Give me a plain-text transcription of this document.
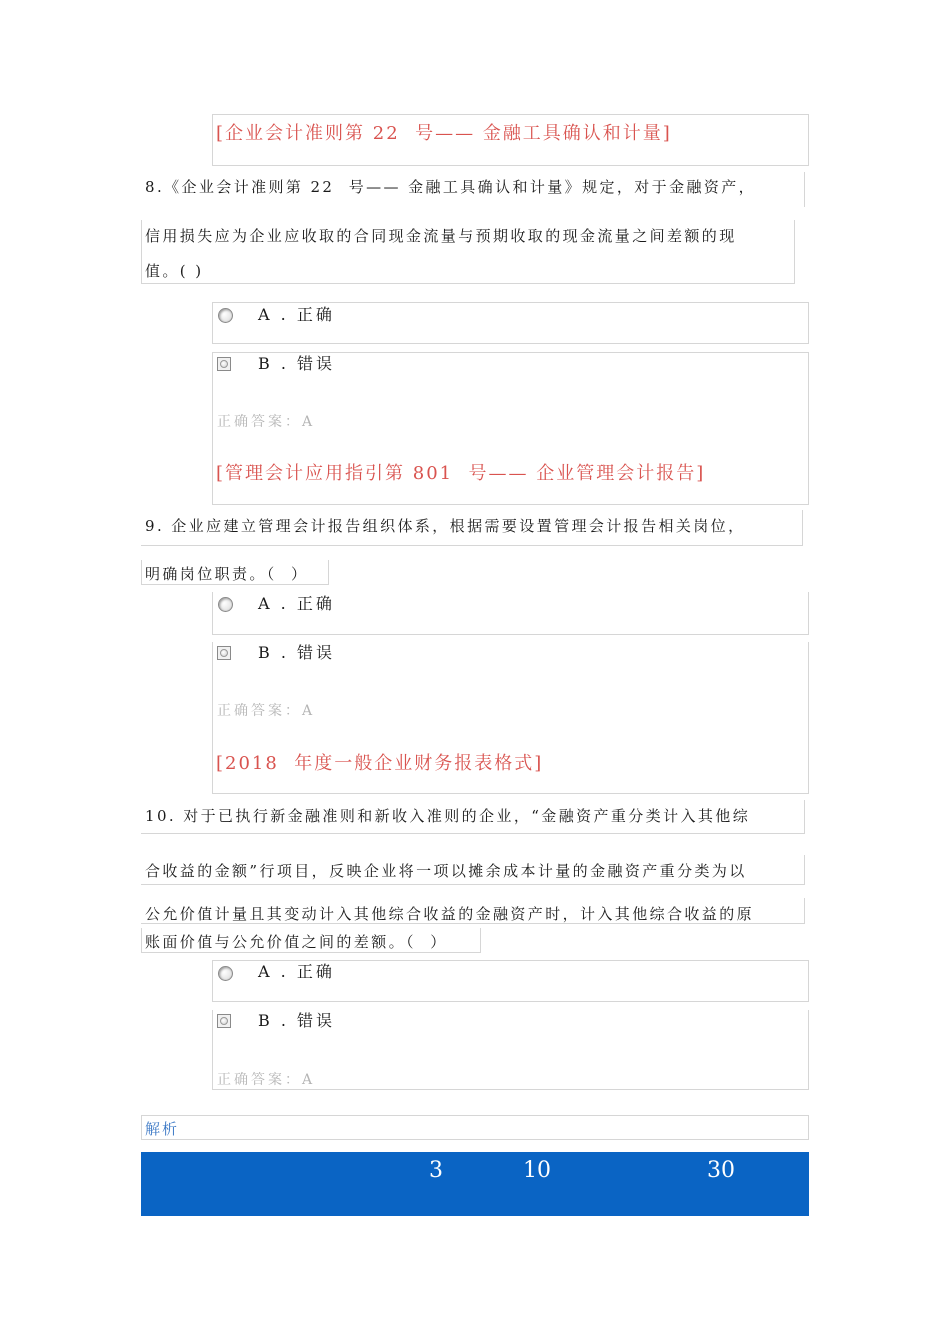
[企业会计准则第 22  号—— 金融工具确认和计量]
8.《企业会计准则第 22  号—— 金融工具确认和计量》规定，对于金融资产，
信用损失应为企业应收取的合同现金流量与预期收取的现金流量之间差额的现
值。( )
A . 正确
B . 错误
正确答案：A
[管理会计应用指引第 801  号—— 企业管理会计报告]
9. 企业应建立管理会计报告组织体系，根据需要设置管理会计报告相关岗位，
明确岗位职责。（  ）
A . 正确
B . 错误
正确答案：A
[2018  年度一般企业财务报表格式]
10. 对于已执行新金融准则和新收入准则的企业，“金融资产重分类计入其他综
合收益的金额”行项目，反映企业将一项以摊余成本计量的金融资产重分类为以
公允价值计量且其变动计入其他综合收益的金融资产时，计入其他综合收益的原
账面价值与公允价值之间的差额。（  ）
A . 正确
B . 错误
正确答案：A
解析
3	10	30
